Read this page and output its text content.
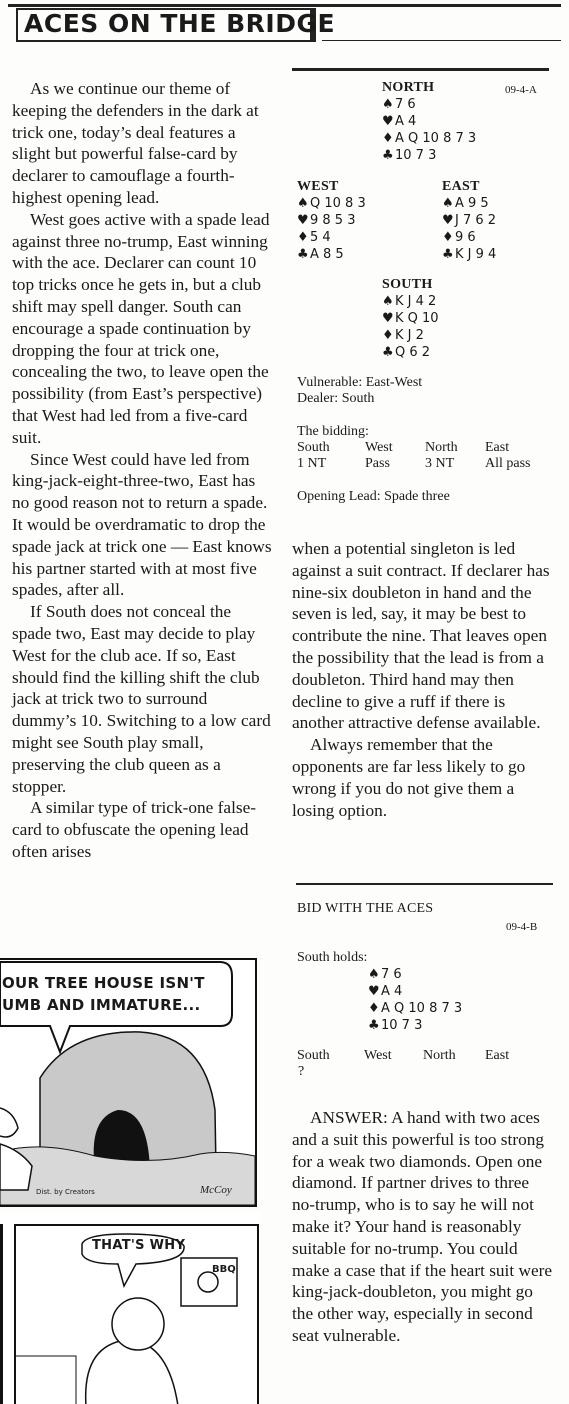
ACES ON THE BRIDGE

As we continue our theme of keeping the defenders in the dark at trick one, today’s deal features a slight but powerful false-card by declarer to camouflage a fourth-highest opening lead.

West goes active with a spade lead against three no-trump, East winning with the ace. Declarer can count 10 top tricks once he gets in, but a club shift may spell danger. South can encourage a spade continuation by dropping the four at trick one, concealing the two, to leave open the possibility (from East’s perspective) that West had led from a five-card suit.

Since West could have led from king-jack-eight-three-two, East has no good reason not to return a spade. It would be overdramatic to drop the spade jack at trick one — East knows his partner started with at most five spades, after all.

If South does not conceal the spade two, East may decide to play West for the club ace. If so, East should find the killing shift the club jack at trick two to surround dummy’s 10. Switching to a low card might see South play small, preserving the club queen as a stopper.

A similar type of trick-one false-card to obfuscate the opening lead often arises

09-4-A
NORTH
♠7 6
♥A 4
♦A Q 10 8 7 3
♣10 7 3
WEST
♠Q 10 8 3
♥9 8 5 3
♦5 4
♣A 8 5
EAST
♠A 9 5
♥J 7 6 2
♦9 6
♣K J 9 4
SOUTH
♠K J 4 2
♥K Q 10
♦K J 2
♣Q 6 2
Vulnerable: East-West
Dealer: South
The bidding:
South	West North East
1 NT	Pass	3 NT All pass
Opening Lead: Spade three

when a potential singleton is led against a suit contract. If declarer has nine-six doubleton in hand and the seven is led, say, it may be best to contribute the nine. That leaves open the possibility that the lead is from a doubleton. Third hand may then decline to give a ruff if there is another attractive defense available.

Always remember that the opponents are far less likely to go wrong if you do not give them a losing option.

BID WITH THE ACES
09-4-B
South holds:
♠7 6
♥A 4
♦A Q 10 8 7 3
♣10 7 3
South West North East
?
ANSWER: A hand with two aces and a suit this powerful is too strong for a weak two diamonds. Open one diamond. If partner drives to three no-trump, who is to say he will not make it? Your hand is reasonably suitable for no-trump. You could make a case that if the heart suit were king-jack-doubleton, you might go the other way, especially in second seat vulnerable.
OUR TREE HOUSE ISN'T
UMB AND IMMATURE...
Dist. by Creators	McCoy
THAT'S WHY
BBQ
